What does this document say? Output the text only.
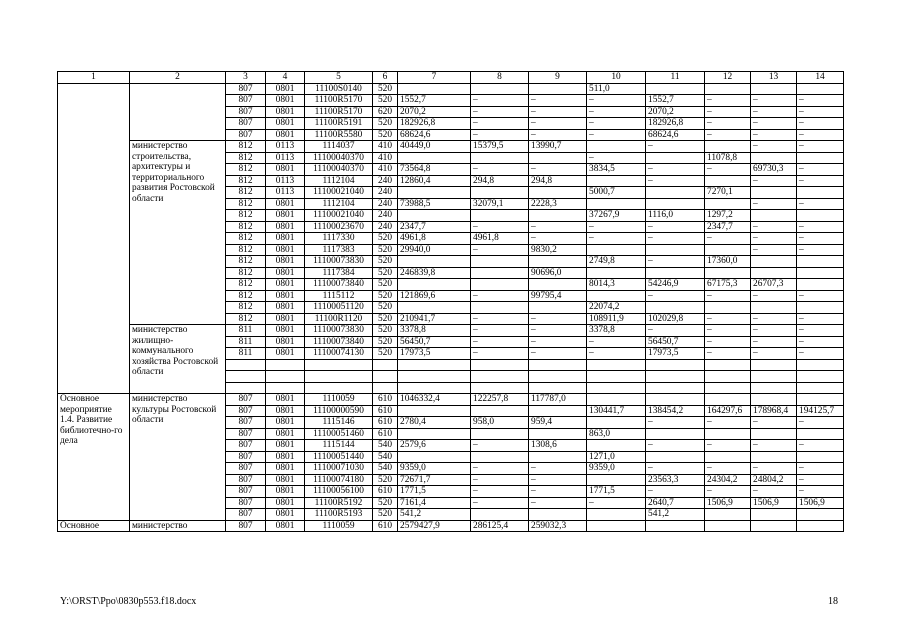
1	2	3	4	5	6	7	8	9	10	11	12	13	14
		807	0801	11100S0140	520				511,0				
		807	0801	11100R5170	520	1552,7	–	–	–	1552,7	–	–	–
		807	0801	11100R5170	620	2070,2	–	–	–	2070,2	–	–	–
		807	0801	11100R5191	520	182926,8	–	–	–	182926,8	–	–	–
		807	0801	11100R5580	520	68624,6	–	–	–	68624,6	–	–	–
	министерство строительства, архитектуры и территориального развития Ростовской области	812	0113	1114037	410	40449,0	15379,5	13990,7		–		–	–
		812	0113	11100040370	410				–		11078,8		
		812	0801	11100040370	410	73564,8	–	–	3834,5	–	–	69730,3	–
		812	0113	1112104	240	12860,4	294,8	294,8		–		–	–
		812	0113	11100021040	240				5000,7		7270,1		
		812	0801	1112104	240	73988,5	32079,1	2228,3				–	–
		812	0801	11100021040	240				37267,9	1116,0	1297,2		
		812	0801	11100023670	240	2347,7	–	–	–	–	2347,7	–	–
		812	0801	1117330	520	4961,8	4961,8	–	–	–	–	–	–
		812	0801	1117383	520	29940,0	–	9830,2				–	–
		812	0801	11100073830	520				2749,8	–	17360,0		
		812	0801	1117384	520	246839,8		90696,0					
		812	0801	11100073840	520				8014,3	54246,9	67175,3	26707,3	
		812	0801	1115112	520	121869,6	–	99795,4		–	–	–	–
		812	0801	11100051120	520				22074,2				
		812	0801	11100R1120	520	210941,7	–	–	108911,9	102029,8	–	–	–
	министерство жилищно-коммунального хозяйства Ростовской области	811	0801	11100073830	520	3378,8	–	–	3378,8	–	–	–	–
		811	0801	11100073840	520	56450,7	–	–	–	56450,7	–	–	–
		811	0801	11100074130	520	17973,5	–	–	–	17973,5	–	–	–

Основное мероприятие 1.4. Развитие библиотечно-го дела	министерство культуры Ростовской области	807	0801	1110059	610	1046332,4	122257,8	117787,0					
		807	0801	11100000590	610				130441,7	138454,2	164297,6	178968,4	194125,7
		807	0801	1115146	610	2780,4	958,0	959,4		–	–	–	–
		807	0801	11100051460	610				863,0				
		807	0801	1115144	540	2579,6	–	1308,6		–	–	–	–
		807	0801	11100051440	540				1271,0				
		807	0801	11100071030	540	9359,0	–	–	9359,0	–	–	–	–
		807	0801	11100074180	520	72671,7	–	–		23563,3	24304,2	24804,2	–
		807	0801	11100056100	610	1771,5	–	–	1771,5	–	–	–	–
		807	0801	11100R5192	520	7161,4	–	–	–	2640,7	1506,9	1506,9	1506,9
		807	0801	11100R5193	520	541,2				541,2			
Основное	министерство	807	0801	1110059	610	2579427,9	286125,4	259032,3					
Y:\ORST\Ppo\0830p553.f18.docx	18
